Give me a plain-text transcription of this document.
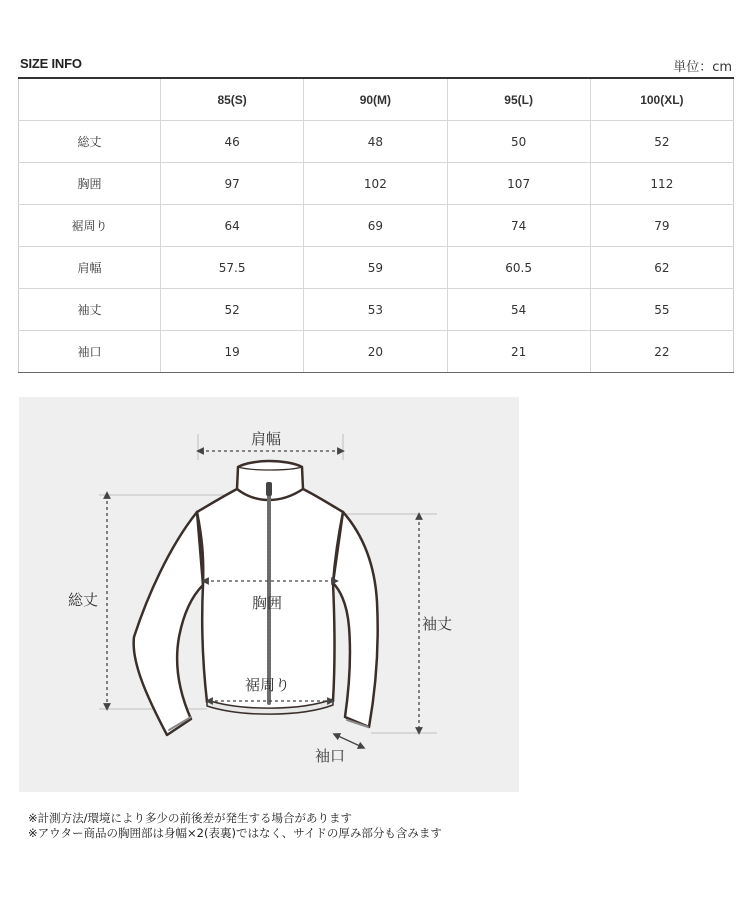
SIZE INFO	単位：cm
	85(S)	90(M)	95(L)	100(XL)
総丈	46	48	50	52
胸囲	97	102	107	112
裾周り	64	69	74	79
肩幅	57.5	59	60.5	62
袖丈	52	53	54	55
袖口	19	20	21	22
肩幅
総丈	胸囲
袖丈
裾周り
袖口

※計測方法/環境により多少の前後差が発生する場合があります

※アウター商品の胸囲部は身幅×2(表裏)ではなく、サイドの厚み部分も含みます
